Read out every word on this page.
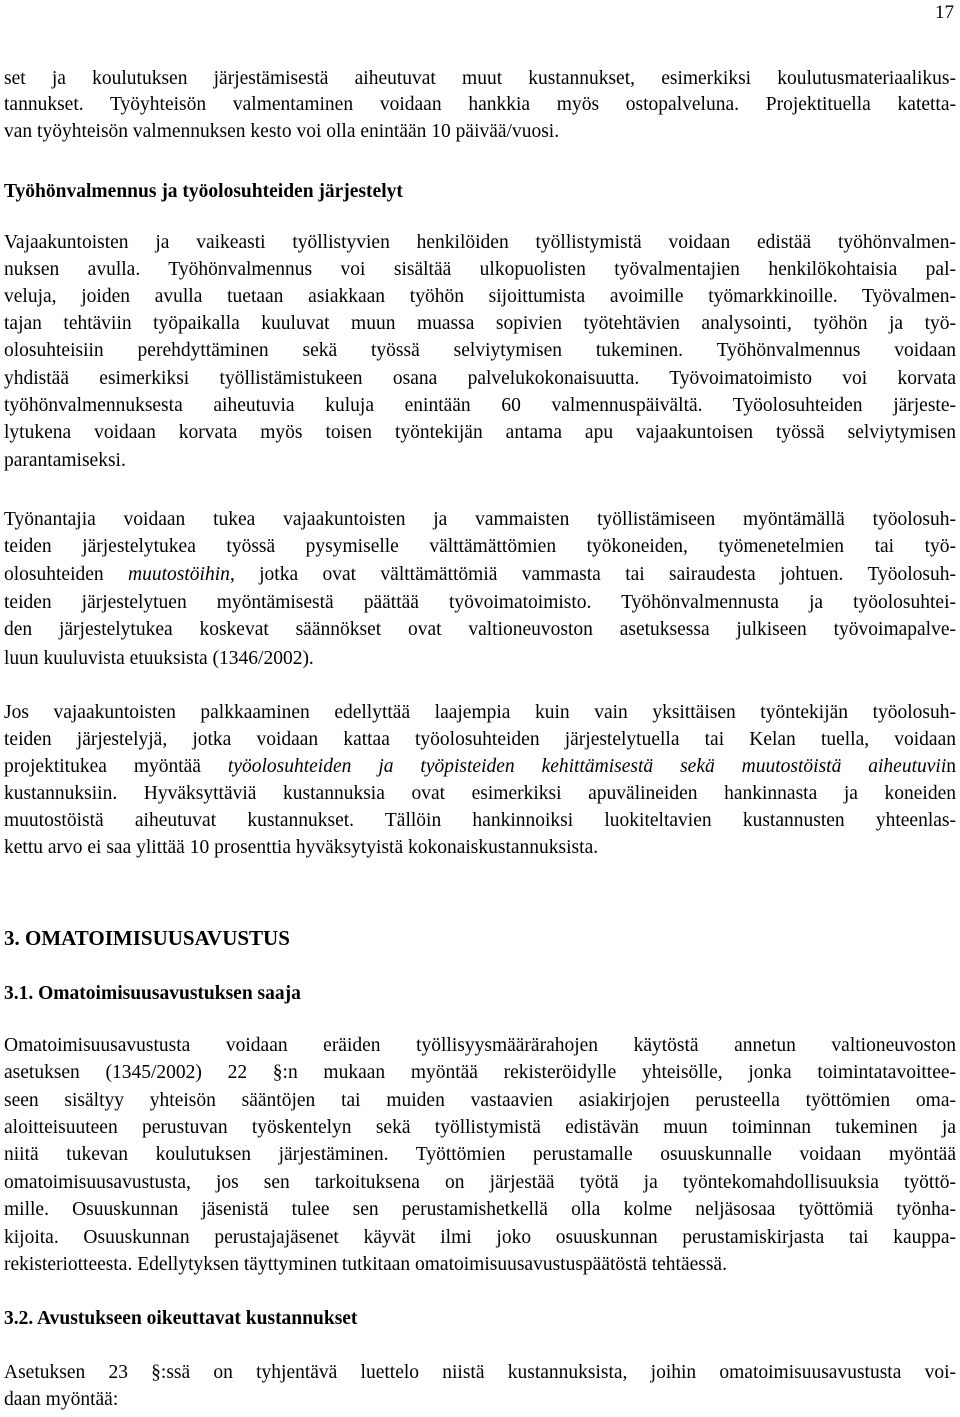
17
set ja koulutuksen järjestämisestä aiheutuvat muut kustannukset, esimerkiksi koulutusmateriaalikus-
tannukset. Työyhteisön valmentaminen voidaan hankkia myös ostopalveluna. Projektituella katetta-
van työyhteisön valmennuksen kesto voi olla enintään 10 päivää/vuosi.
Työhönvalmennus ja työolosuhteiden järjestelyt
Vajaakuntoisten ja vaikeasti työllistyvien henkilöiden työllistymistä voidaan edistää työhönvalmen-
nuksen avulla. Työhönvalmennus voi sisältää ulkopuolisten työvalmentajien henkilökohtaisia pal-
veluja, joiden avulla tuetaan asiakkaan työhön sijoittumista avoimille työmarkkinoille. Työvalmen-
tajan tehtäviin työpaikalla kuuluvat muun muassa sopivien työtehtävien analysointi, työhön ja työ-
olosuhteisiin perehdyttäminen sekä työssä selviytymisen tukeminen. Työhönvalmennus voidaan
yhdistää esimerkiksi työllistämistukeen osana palvelukokonaisuutta. Työvoimatoimisto voi korvata
työhönvalmennuksesta aiheutuvia kuluja enintään 60 valmennuspäivältä. Työolosuhteiden järjeste-
lytukena voidaan korvata myös toisen työntekijän antama apu vajaakuntoisen työssä selviytymisen
parantamiseksi.
Työnantajia voidaan tukea vajaakuntoisten ja vammaisten työllistämiseen myöntämällä työolosuh-
teiden järjestelytukea työssä pysymiselle välttämättömien työkoneiden, työmenetelmien tai työ-
olosuhteiden muutostöihin, jotka ovat välttämättömiä vammasta tai sairaudesta johtuen. Työolosuh-
teiden järjestelytuen myöntämisestä päättää työvoimatoimisto. Työhönvalmennusta ja työolosuhtei-
den järjestelytukea koskevat säännökset ovat valtioneuvoston asetuksessa julkiseen työvoimapalve-
luun kuuluvista etuuksista (1346/2002).
Jos vajaakuntoisten palkkaaminen edellyttää laajempia kuin vain yksittäisen työntekijän työolosuh-
teiden järjestelyjä, jotka voidaan kattaa työolosuhteiden järjestelytuella tai Kelan tuella, voidaan
projektitukea myöntää työolosuhteiden ja työpisteiden kehittämisestä sekä muutostöistä aiheutuviin
kustannuksiin. Hyväksyttäviä kustannuksia ovat esimerkiksi apuvälineiden hankinnasta ja koneiden
muutostöistä aiheutuvat kustannukset. Tällöin hankinnoiksi luokiteltavien kustannusten yhteenlas-
kettu arvo ei saa ylittää 10 prosenttia hyväksytyistä kokonaiskustannuksista.
3. OMATOIMISUUSAVUSTUS
3.1. Omatoimisuusavustuksen saaja
Omatoimisuusavustusta voidaan eräiden työllisyysmäärärahojen käytöstä annetun valtioneuvoston
asetuksen (1345/2002) 22 §:n mukaan myöntää rekisteröidylle yhteisölle, jonka toimintatavoittee-
seen sisältyy yhteisön sääntöjen tai muiden vastaavien asiakirjojen perusteella työttömien oma-
aloitteisuuteen perustuvan työskentelyn sekä työllistymistä edistävän muun toiminnan tukeminen ja
niitä tukevan koulutuksen järjestäminen. Työttömien perustamalle osuuskunnalle voidaan myöntää
omatoimisuusavustusta, jos sen tarkoituksena on järjestää työtä ja työntekomahdollisuuksia työttö-
mille. Osuuskunnan jäsenistä tulee sen perustamishetkellä olla kolme neljäsosaa työttömiä työnha-
kijoita. Osuuskunnan perustajajäsenet käyvät ilmi joko osuuskunnan perustamiskirjasta tai kauppa-
rekisteriotteesta. Edellytyksen täyttyminen tutkitaan omatoimisuusavustuspäätöstä tehtäessä.
3.2. Avustukseen oikeuttavat kustannukset
Asetuksen 23 §:ssä on tyhjentävä luettelo niistä kustannuksista, joihin omatoimisuusavustusta voi-
daan myöntää:
